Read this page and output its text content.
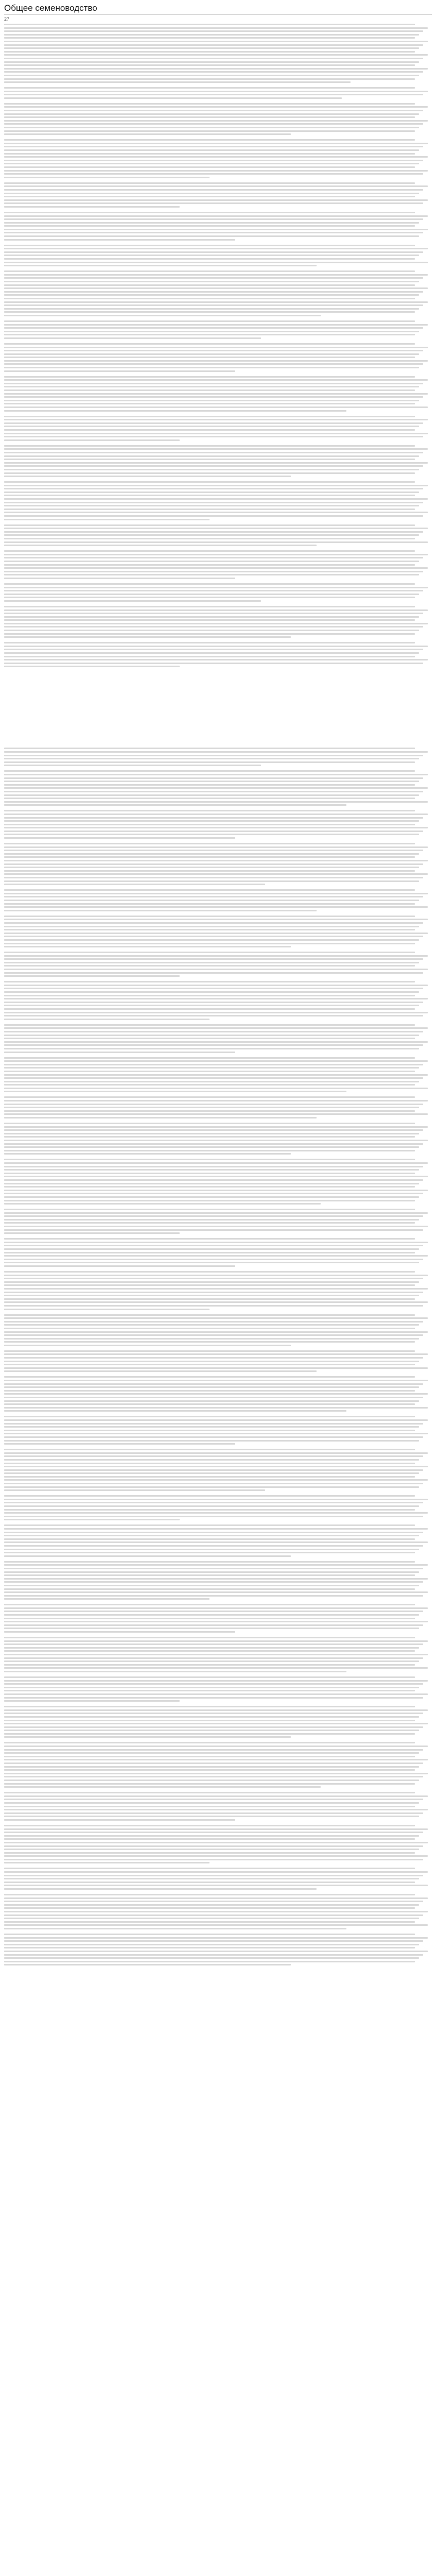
Общее семеноводство
27
